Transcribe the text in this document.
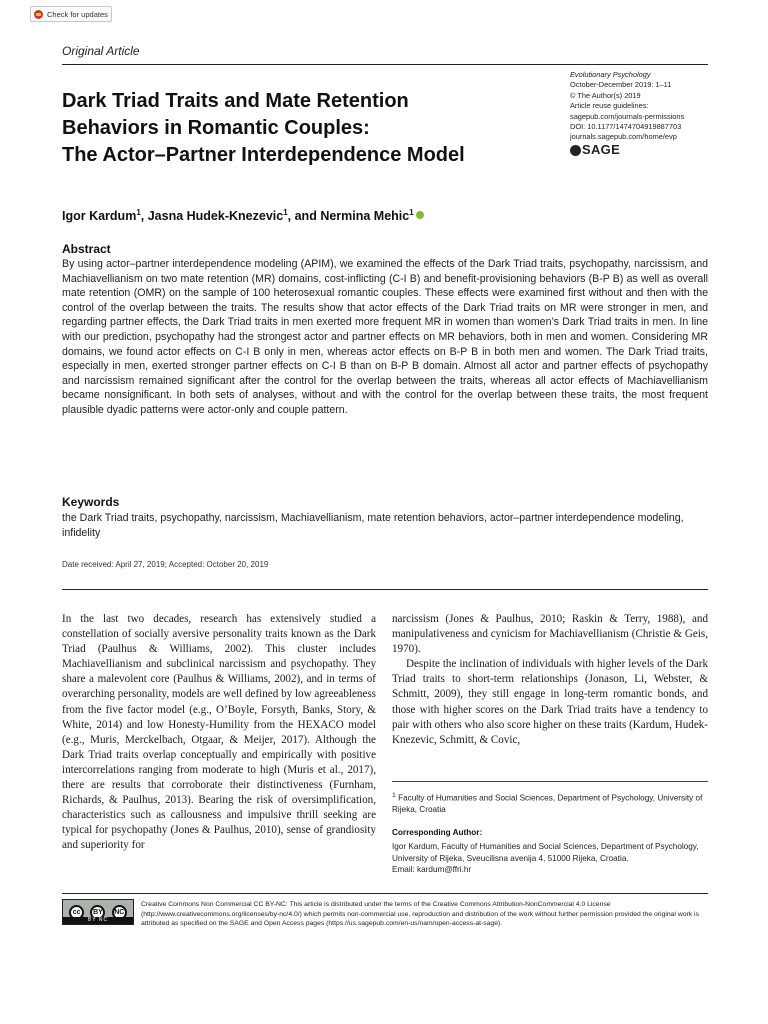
Check for updates
Original Article
Evolutionary Psychology
October-December 2019: 1–11
© The Author(s) 2019
Article reuse guidelines:
sagepub.com/journals-permissions
DOI: 10.1177/1474704919887703
journals.sagepub.com/home/evp
SAGE
Dark Triad Traits and Mate Retention
Behaviors in Romantic Couples:
The Actor–Partner Interdependence Model
Igor Kardum$^1$, Jasna Hudek-Knezevic$^1$, and Nermina Mehic$^1$
Abstract
By using actor–partner interdependence modeling (APIM), we examined the effects of the Dark Triad traits, psychopathy, narcissism, and Machiavellianism on two mate retention (MR) domains, cost-inflicting (C-I B) and benefit-provisioning behaviors (B-P B) as well as overall mate retention (OMR) on the sample of 100 heterosexual romantic couples. These effects were examined first without and then with the control of the overlap between the traits. The results show that actor effects of the Dark Triad traits on MR were stronger in men, and regarding partner effects, the Dark Triad traits in men exerted more frequent MR in women than women’s Dark Triad traits in men. In line with our prediction, psychopathy had the strongest actor and partner effects on MR behaviors, both in men and women. Considering MR domains, we found actor effects on C-I B only in men, whereas actor effects on B-P B in both men and women. The Dark Triad traits, especially in men, exerted stronger partner effects on C-I B than on B-P B domain. Almost all actor and partner effects of psychopathy and narcissism remained significant after the control for the overlap between the traits, whereas all actor effects of Machiavellianism became nonsignificant. In both sets of analyses, without and with the control for the overlap between these traits, the most frequent plausible dyadic patterns were actor-only and couple pattern.
Keywords
the Dark Triad traits, psychopathy, narcissism, Machiavellianism, mate retention behaviors, actor–partner interdependence modeling, infidelity
Date received: April 27, 2019; Accepted: October 20, 2019

In the last two decades, research has extensively studied a constellation of socially aversive personality traits known as the Dark Triad (Paulhus & Williams, 2002). This cluster includes Machiavellianism and subclinical narcissism and psychopathy. They share a malevolent core (Paulhus & Williams, 2002), and in terms of overarching personality, models are well defined by low agreeableness from the five factor model (e.g., O’Boyle, Forsyth, Banks, Story, & White, 2014) and low Honesty-Humility from the HEXACO model (e.g., Muris, Merckelbach, Otgaar, & Meijer, 2017). Although the Dark Triad traits overlap conceptually and empirically with positive intercorrelations ranging from moderate to high (Muris et al., 2017), there are results that corroborate their distinctiveness (Furnham, Richards, & Paulhus, 2013). Bearing the risk of oversimplification, characteristics such as callousness and impulsive thrill seeking are typical for psychopathy (Jones & Paulhus, 2010), sense of grandiosity and superiority for

narcissism (Jones & Paulhus, 2010; Raskin & Terry, 1988), and manipulativeness and cynicism for Machiavellianism (Christie & Geis, 1970).

Despite the inclination of individuals with higher levels of the Dark Triad traits to short-term relationships (Jonason, Li, Webster, & Schmitt, 2009), they still engage in long-term romantic bonds, and those with higher scores on the Dark Triad traits have a tendency to pair with others who also score higher on these traits (Kardum, Hudek-Knezevic, Schmitt, & Covic,

$^1$ Faculty of Humanities and Social Sciences, Department of Psychology, University of Rijeka, Croatia
Corresponding Author:
Igor Kardum, Faculty of Humanities and Social Sciences, Department of Psychology, University of Rijeka, Sveucilisna avenija 4, 51000 Rijeka, Croatia.
Email: kardum@ffri.hr
cc	BY	NC
BY NC
Creative Commons Non Commercial CC BY-NC: This article is distributed under the terms of the Creative Commons Attribution-NonCommercial 4.0 License (http://www.creativecommons.org/licenses/by-nc/4.0/) which permits non-commercial use, reproduction and distribution of the work without further permission provided the original work is attributed as specified on the SAGE and Open Access pages (https://us.sagepub.com/en-us/nam/open-access-at-sage).
